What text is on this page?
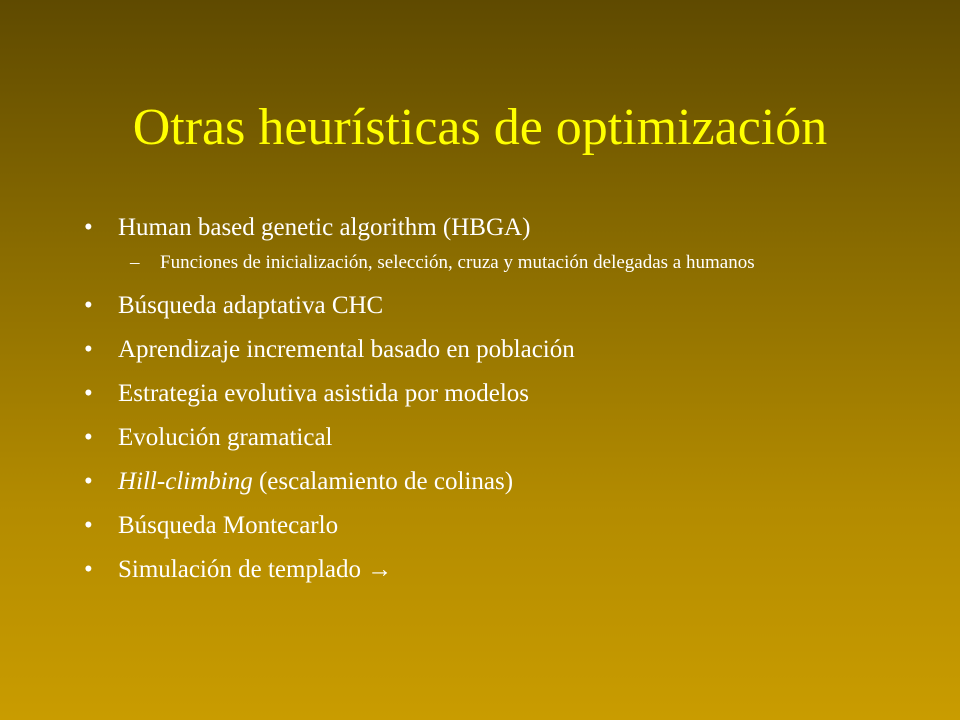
Otras heurísticas de optimización
• Human based genetic algorithm (HBGA)
– Funciones de inicialización, selección, cruza y mutación delegadas a humanos
• Búsqueda adaptativa CHC
• Aprendizaje incremental basado en población
• Estrategia evolutiva asistida por modelos
• Evolución gramatical
• Hill-climbing (escalamiento de colinas)
• Búsqueda Montecarlo
• Simulación de templado →
